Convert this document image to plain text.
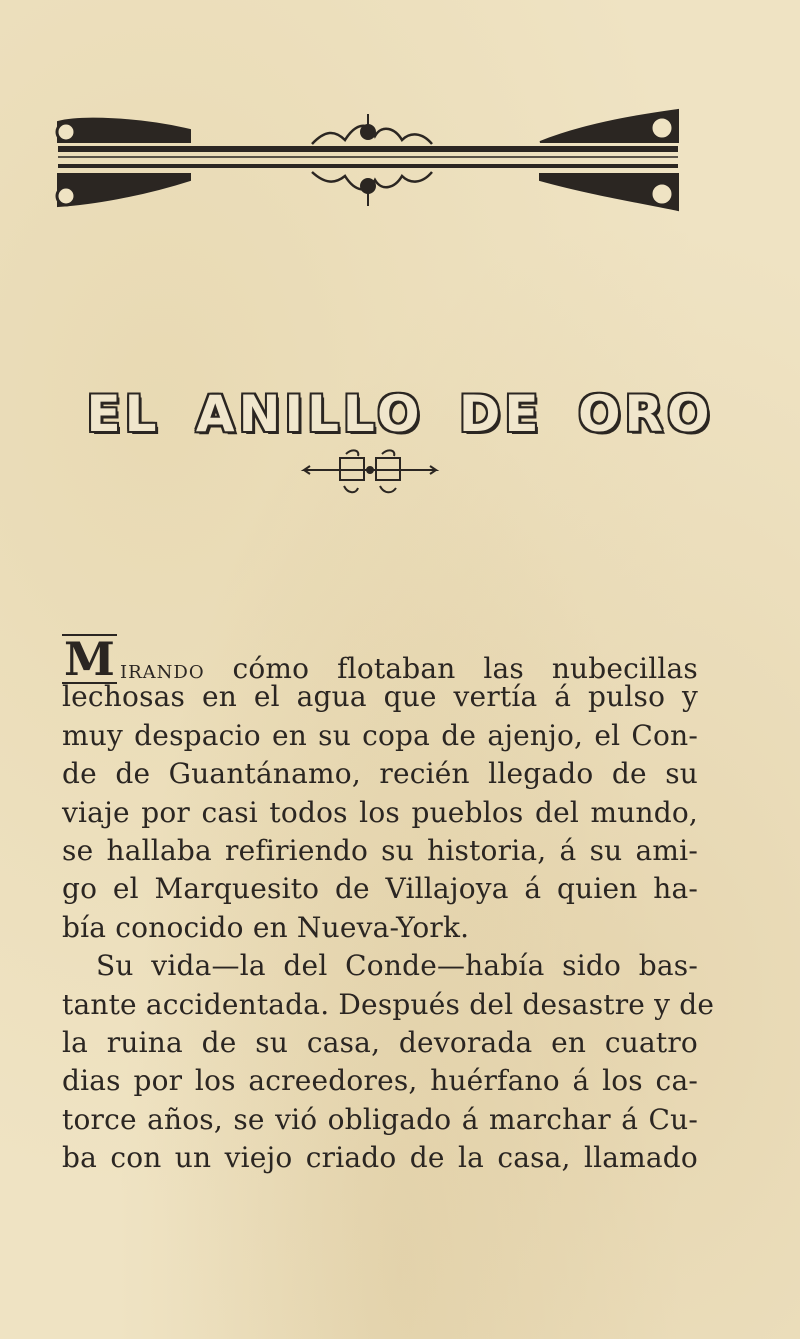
EL ANILLO DE ORO
M irando cómo flotaban las nubecillas
lechosas en el agua que vertía á pulso y
muy despacio en su copa de ajenjo, el Con-
de de Guantánamo, recién llegado de su
viaje por casi todos los pueblos del mundo,
se hallaba refiriendo su historia, á su ami-
go el Marquesito de Villajoya á quien ha-
bía conocido en Nueva-York.
Su vida—la del Conde—había sido bas-
tante accidentada. Después del desastre y de
la ruina de su casa, devorada en cuatro
dias por los acreedores, huérfano á los ca-
torce años, se vió obligado á marchar á Cu-
ba con un viejo criado de la casa, llamado
